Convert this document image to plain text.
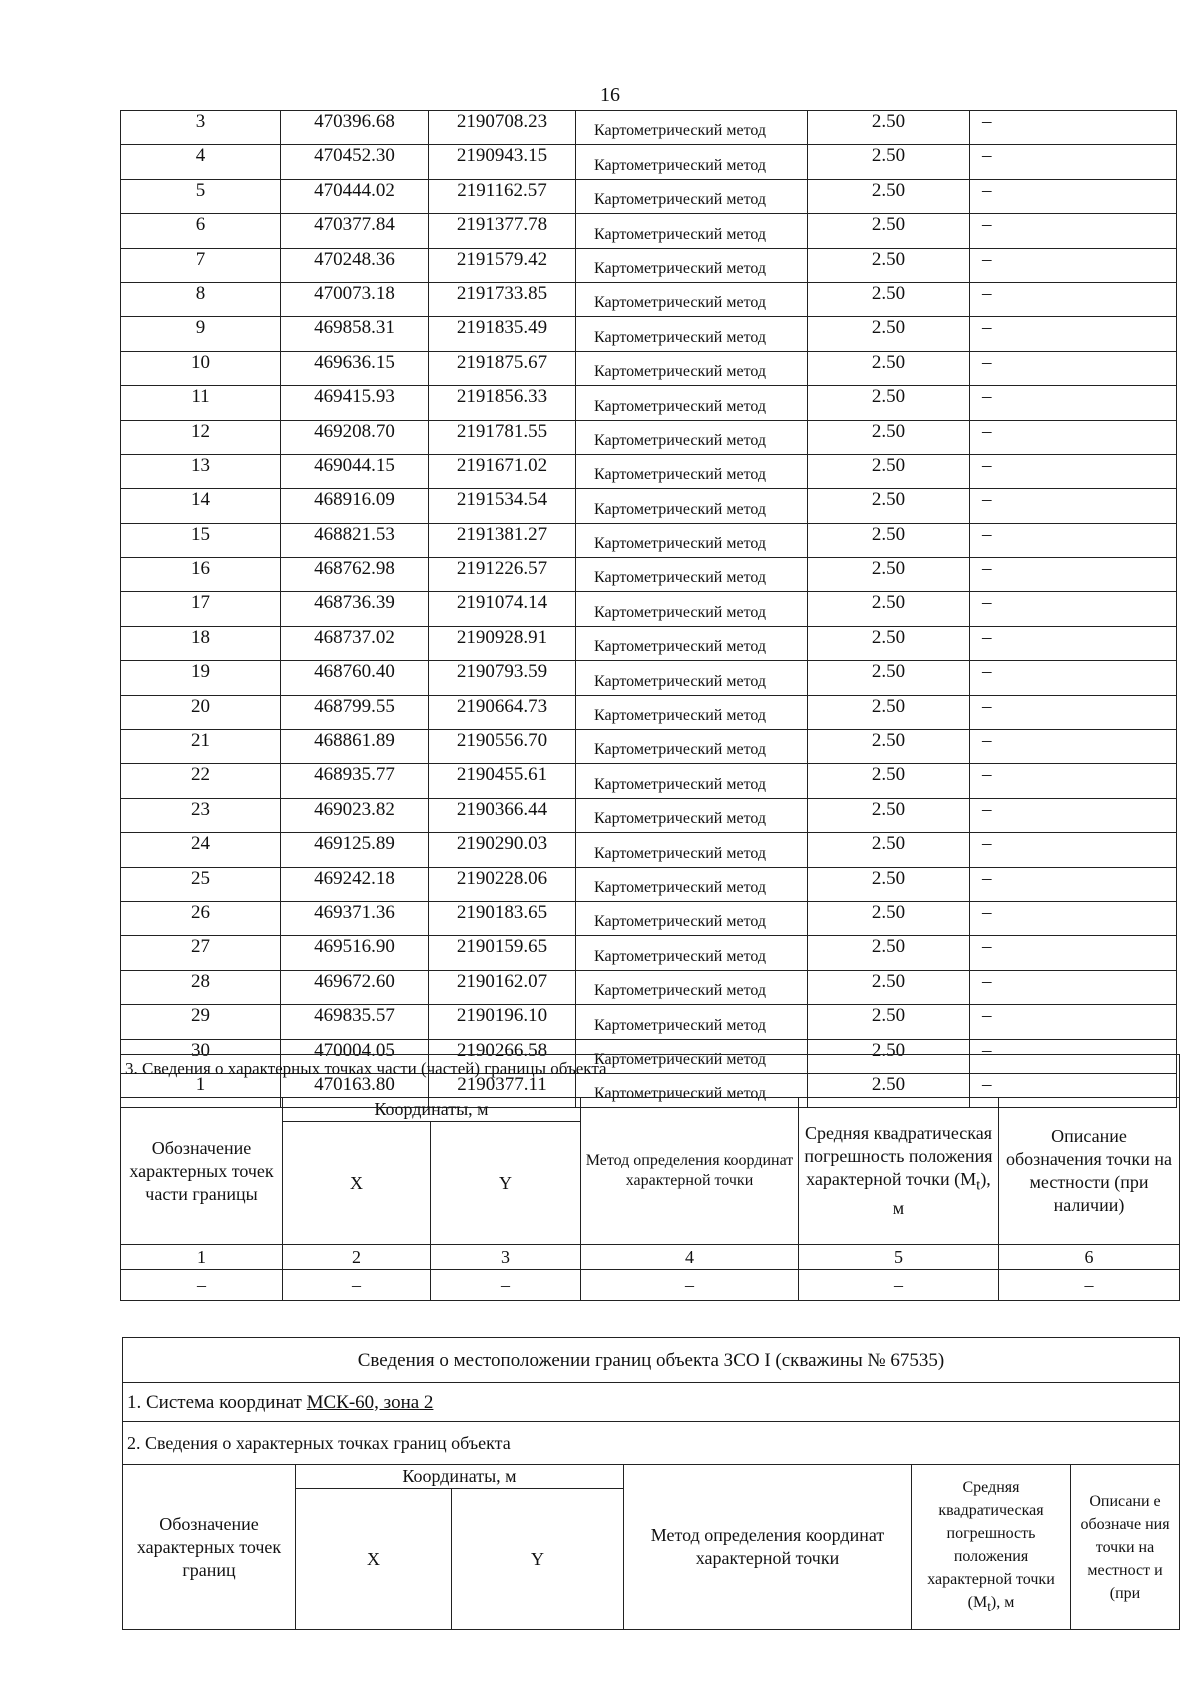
16
3	470396.68	2190708.23	Картометрический метод	2.50	–
4	470452.30	2190943.15	Картометрический метод	2.50	–
5	470444.02	2191162.57	Картометрический метод	2.50	–
6	470377.84	2191377.78	Картометрический метод	2.50	–
7	470248.36	2191579.42	Картометрический метод	2.50	–
8	470073.18	2191733.85	Картометрический метод	2.50	–
9	469858.31	2191835.49	Картометрический метод	2.50	–
10	469636.15	2191875.67	Картометрический метод	2.50	–
11	469415.93	2191856.33	Картометрический метод	2.50	–
12	469208.70	2191781.55	Картометрический метод	2.50	–
13	469044.15	2191671.02	Картометрический метод	2.50	–
14	468916.09	2191534.54	Картометрический метод	2.50	–
15	468821.53	2191381.27	Картометрический метод	2.50	–
16	468762.98	2191226.57	Картометрический метод	2.50	–
17	468736.39	2191074.14	Картометрический метод	2.50	–
18	468737.02	2190928.91	Картометрический метод	2.50	–
19	468760.40	2190793.59	Картометрический метод	2.50	–
20	468799.55	2190664.73	Картометрический метод	2.50	–
21	468861.89	2190556.70	Картометрический метод	2.50	–
22	468935.77	2190455.61	Картометрический метод	2.50	–
23	469023.82	2190366.44	Картометрический метод	2.50	–
24	469125.89	2190290.03	Картометрический метод	2.50	–
25	469242.18	2190228.06	Картометрический метод	2.50	–
26	469371.36	2190183.65	Картометрический метод	2.50	–
27	469516.90	2190159.65	Картометрический метод	2.50	–
28	469672.60	2190162.07	Картометрический метод	2.50	–
29	469835.57	2190196.10	Картометрический метод	2.50	–
30	470004.05	2190266.58	Картометрический метод	2.50	–
1	470163.80	2190377.11	Картометрический метод	2.50	–
3. Сведения о характерных точках части (частей) границы объекта					
Обозначение характерных точек части границы	Координаты, м		Метод определения координат характерной точки	Средняя квадратическая погрешность положения характерной точки $(M_t)$, м	Описание обозначения точки на местности (при наличии)
	X	Y			
1	2	3	4	5	6
–	–	–	–	–	–
Сведения о местоположении границ объекта ЗСО I (скважины № 67535)					
1. Система координат МСК-60, зона 2					
2. Сведения о характерных точках границ объекта					
Обозначение характерных точек границ	Координаты, м		Метод определения координат характерной точки	Средняя квадратическая погрешность положения характерной точки $(M_t)$, м	Описани е обозначе ния точки на местност и (при
	X	Y			
